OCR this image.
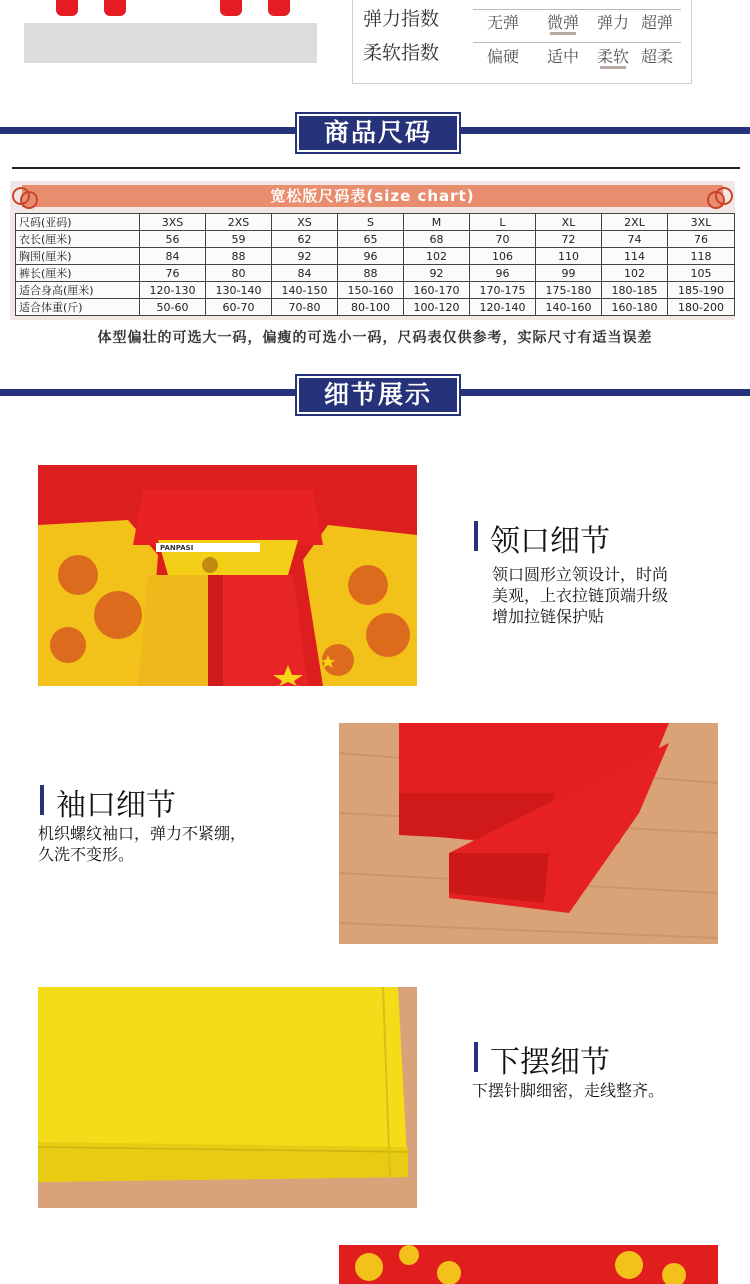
弹力指数	无弹	微弹	弹力 超弹
柔软指数	偏硬	适中	柔软 超柔
商品尺码
宽松版尺码表(size chart)
尺码(亚码)	3XS	2XS	XS	S	M	L	XL	2XL	3XL
衣长(厘米)	56	59	62	65	68	70	72	74	76
胸围(厘米)	84	88	92	96	102	106	110	114	118
裤长(厘米)	76	80	84	88	92	96	99	102	105
适合身高(厘米)	120-130	130-140	140-150	150-160	160-170	170-175	175-180	180-185	185-190
适合体重(斤)	50-60	60-70	70-80	80-100	100-120	120-140	140-160	160-180	180-200
体型偏壮的可选大一码，偏瘦的可选小一码，尺码表仅供参考，实际尺寸有适当误差
细节展示
PANPASI	领口细节
领口圆形立领设计，时尚
美观，上衣拉链顶端升级
增加拉链保护贴
袖口细节
机织螺纹袖口，弹力不紧绷，
久洗不变形。
下摆细节
下摆针脚细密，走线整齐。
